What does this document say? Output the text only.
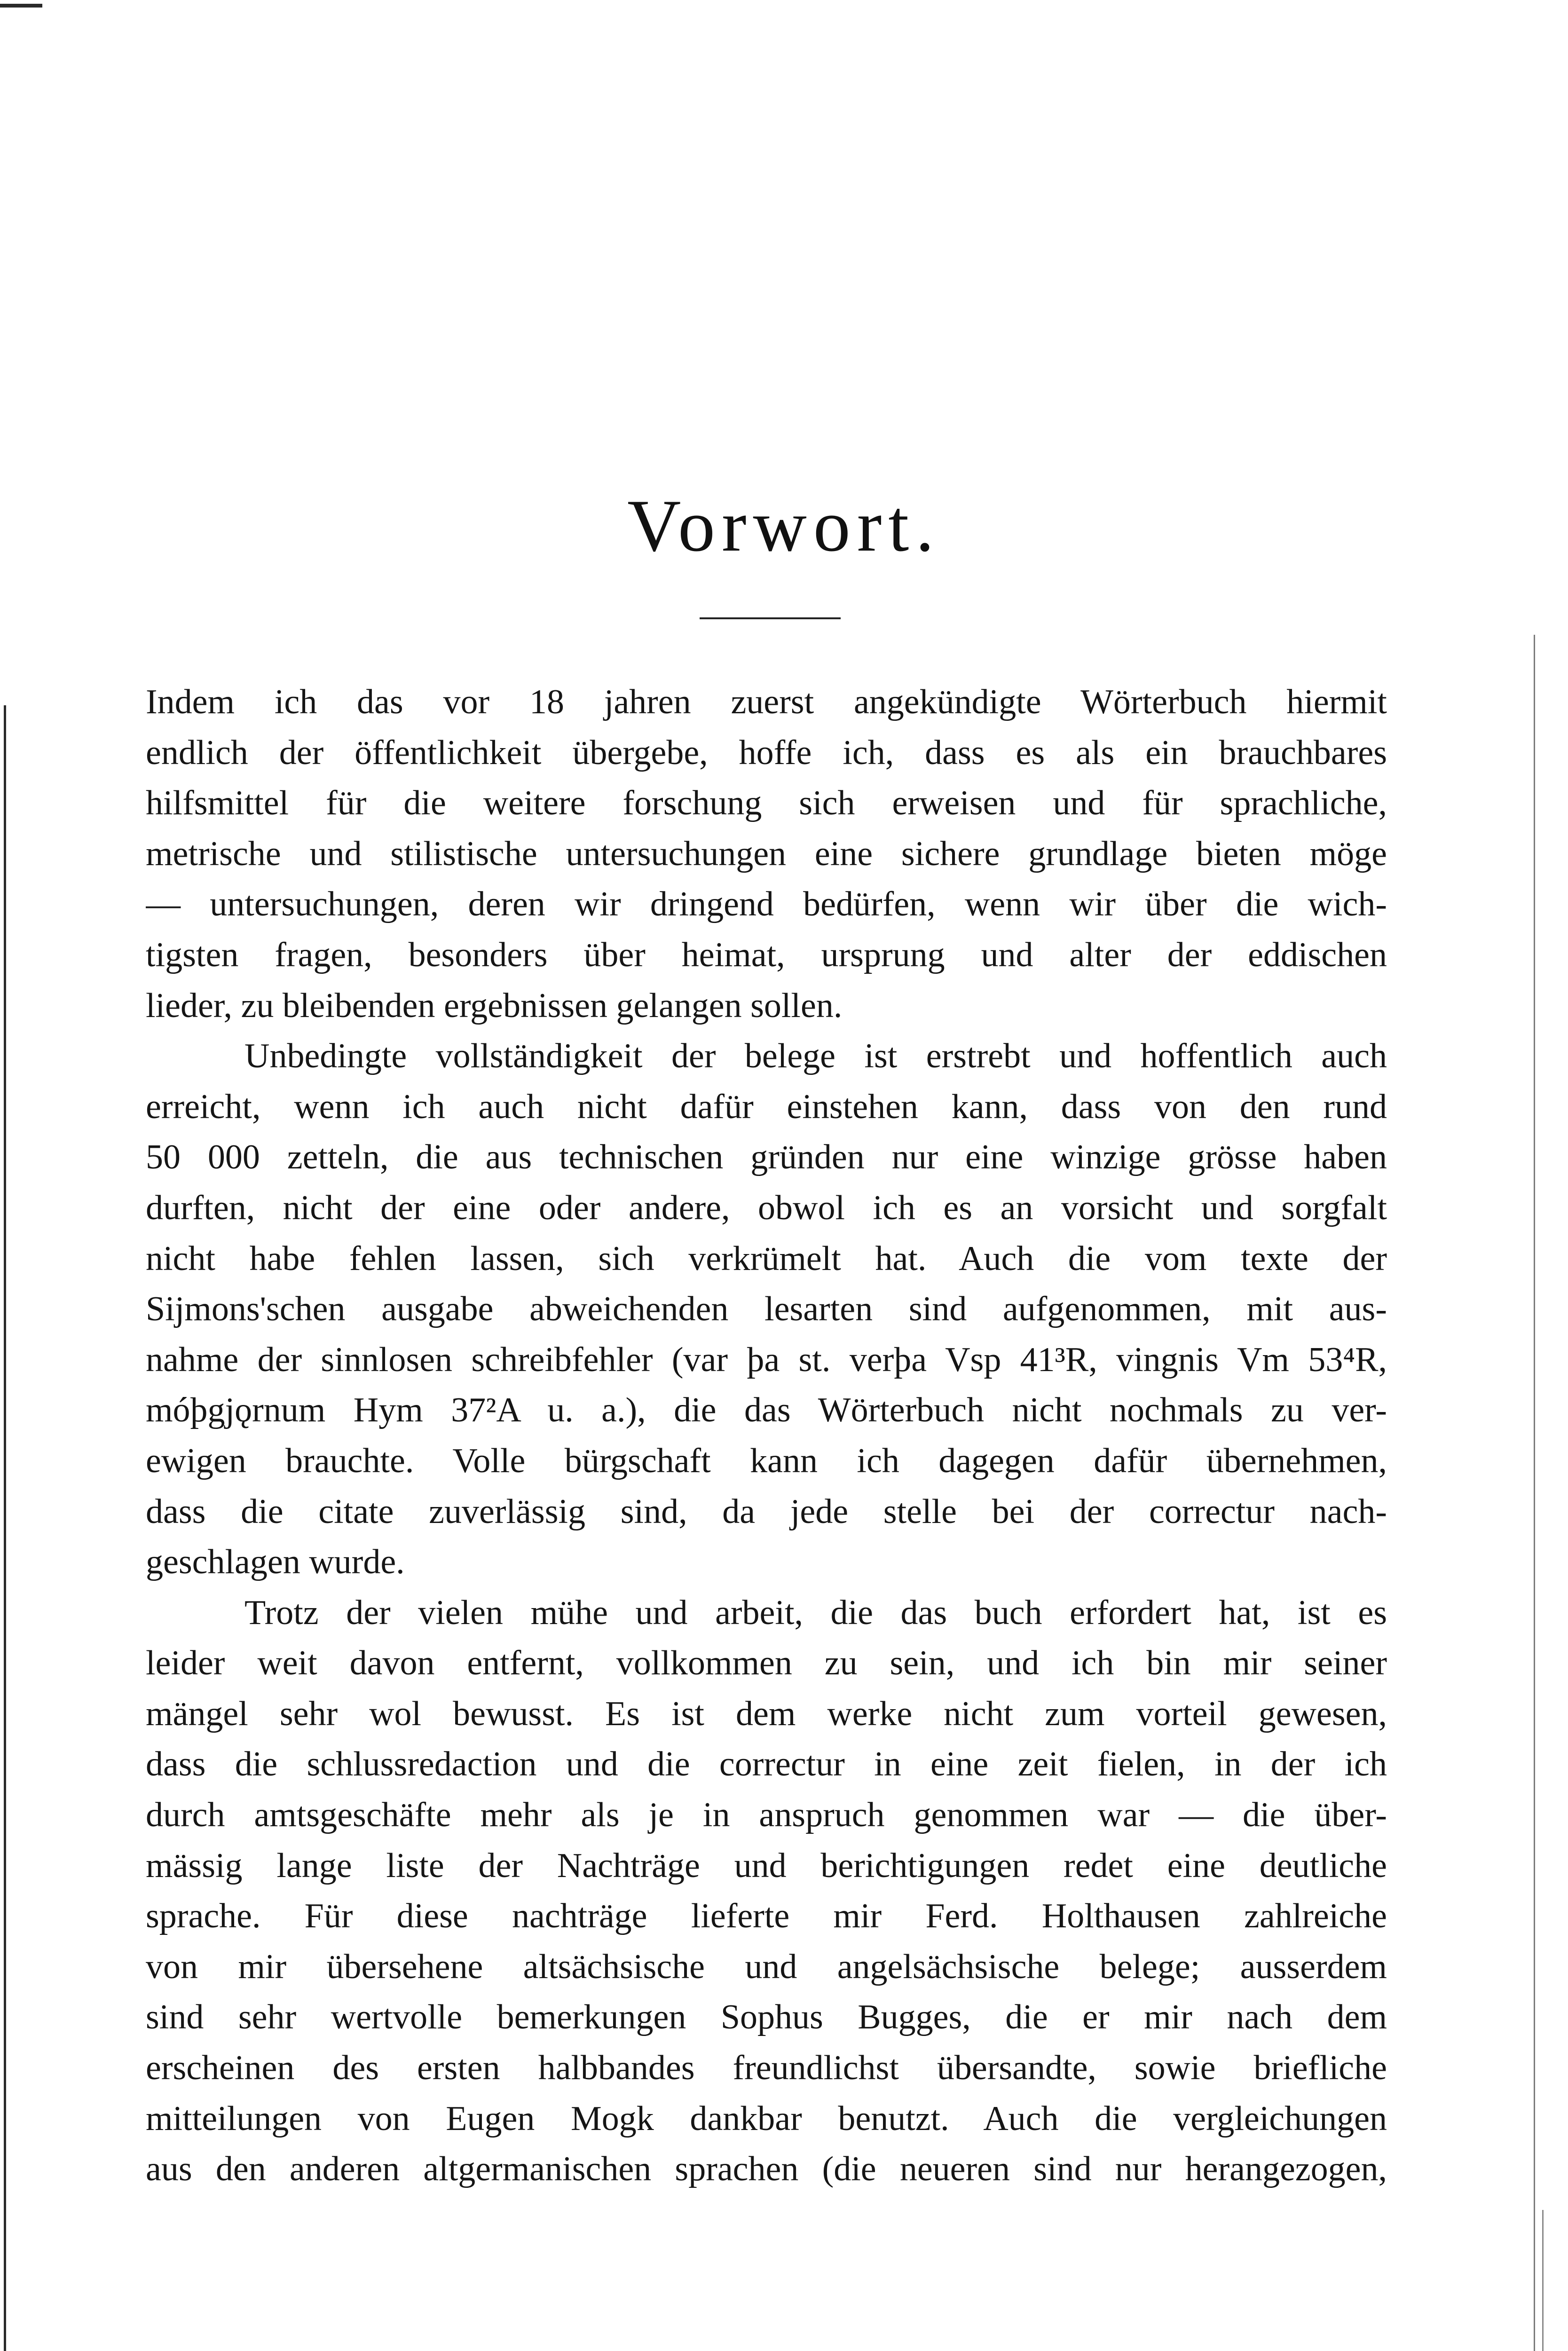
Vorwort.
Indem ich das vor 18 jahren zuerst angekündigte Wörterbuch hiermit
endlich der öffentlichkeit übergebe, hoffe ich, dass es als ein brauchbares
hilfsmittel für die weitere forschung sich erweisen und für sprachliche,
metrische und stilistische untersuchungen eine sichere grundlage bieten möge
— untersuchungen, deren wir dringend bedürfen, wenn wir über die wich-
tigsten fragen, besonders über heimat, ursprung und alter der eddischen
lieder, zu bleibenden ergebnissen gelangen sollen.
Unbedingte vollständigkeit der belege ist erstrebt und hoffentlich auch
erreicht, wenn ich auch nicht dafür einstehen kann, dass von den rund
50 000 zetteln, die aus technischen gründen nur eine winzige grösse haben
durften, nicht der eine oder andere, obwol ich es an vorsicht und sorgfalt
nicht habe fehlen lassen, sich verkrümelt hat. Auch die vom texte der
Sijmons'schen ausgabe abweichenden lesarten sind aufgenommen, mit aus-
nahme der sinnlosen schreibfehler (var þa st. verþa Vsp 41³R, vingnis Vm 53⁴R,
móþgjǫrnum Hym 37²A u. a.), die das Wörterbuch nicht nochmals zu ver-
ewigen brauchte. Volle bürgschaft kann ich dagegen dafür übernehmen,
dass die citate zuverlässig sind, da jede stelle bei der correctur nach-
geschlagen wurde.
Trotz der vielen mühe und arbeit, die das buch erfordert hat, ist es
leider weit davon entfernt, vollkommen zu sein, und ich bin mir seiner
mängel sehr wol bewusst. Es ist dem werke nicht zum vorteil gewesen,
dass die schlussredaction und die correctur in eine zeit fielen, in der ich
durch amtsgeschäfte mehr als je in anspruch genommen war — die über-
mässig lange liste der Nachträge und berichtigungen redet eine deutliche
sprache. Für diese nachträge lieferte mir Ferd. Holthausen zahlreiche
von mir übersehene altsächsische und angelsächsische belege; ausserdem
sind sehr wertvolle bemerkungen Sophus Bugges, die er mir nach dem
erscheinen des ersten halbbandes freundlichst übersandte, sowie briefliche
mitteilungen von Eugen Mogk dankbar benutzt. Auch die vergleichungen
aus den anderen altgermanischen sprachen (die neueren sind nur herangezogen,
